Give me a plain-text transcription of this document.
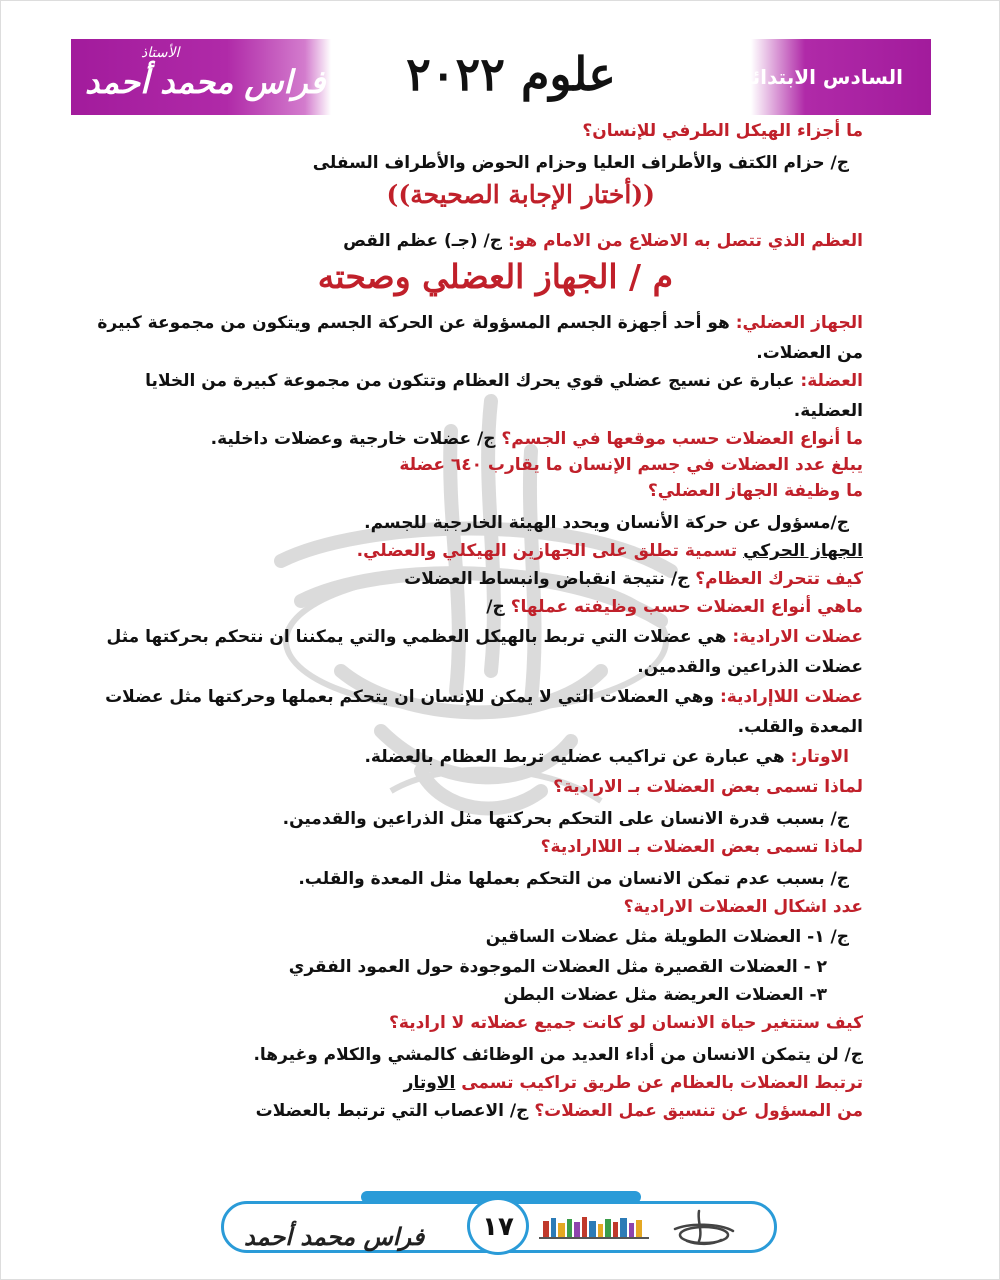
الأستاذ
فراس محمد أحمد	علوم ٢٠٢٢	السادس الابتدائي
ما أجزاء الهيكل الطرفي للإنسان؟
ج/ حزام الكتف والأطراف العليا وحزام الحوض والأطراف السفلى
((أختار الإجابة الصحيحة))
العظم الذي تتصل به الاضلاع من الامام هو: ج/ (جـ) عظم القص
م / الجهاز العضلي وصحته
الجهاز العضلي: هو أحد أجهزة الجسم المسؤولة عن الحركة الجسم ويتكون من مجموعة كبيرة
من العضلات.
العضلة: عبارة عن نسيج عضلي قوي يحرك العظام وتتكون من مجموعة كبيرة من الخلايا
العضلية.
ما أنواع العضلات حسب موقعها في الجسم؟ ج/ عضلات خارجية وعضلات داخلية.
يبلغ عدد العضلات في جسم الإنسان ما يقارب ٦٤٠ عضلة
ما وظيفة الجهاز العضلي؟
ج/مسؤول عن حركة الأنسان ويحدد الهيئة الخارجية للجسم.
الجهاز الحركي تسمية تطلق على الجهازين الهيكلي والعضلي.
كيف تتحرك العظام؟ ج/ نتيجة انقباض وانبساط العضلات
ماهي أنواع العضلات حسب وظيفته عملها؟ ج/
عضلات الارادية: هي عضلات التي تربط بالهيكل العظمي والتي يمكننا ان نتحكم بحركتها مثل
عضلات الذراعين والقدمين.
عضلات اللاإرادية: وهي العضلات التي لا يمكن للإنسان ان يتحكم بعملها وحركتها مثل عضلات
المعدة والقلب.
الاوتار: هي عبارة عن تراكيب عضليه تربط العظام بالعضلة.
لماذا تسمى بعض العضلات بـ الارادية؟
ج/ بسبب قدرة الانسان على التحكم بحركتها مثل الذراعين والقدمين.
لماذا تسمى بعض العضلات بـ اللاارادية؟
ج/ بسبب عدم تمكن الانسان من التحكم بعملها مثل المعدة والقلب.
عدد اشكال العضلات الارادية؟
ج/ ١- العضلات الطويلة مثل عضلات الساقين
٢ - العضلات القصيرة مثل العضلات الموجودة حول العمود الفقري
٣- العضلات العريضة مثل عضلات البطن
كيف ستتغير حياة الانسان لو كانت جميع عضلاته لا ارادية؟
ج/ لن يتمكن الانسان من أداء العديد من الوظائف كالمشي والكلام وغيرها.
ترتبط العضلات بالعظام عن طريق تراكيب تسمى الاوتار
من المسؤول عن تنسيق عمل العضلات؟ ج/ الاعصاب التي ترتبط بالعضلات
فراس محمد أحمد	١٧
